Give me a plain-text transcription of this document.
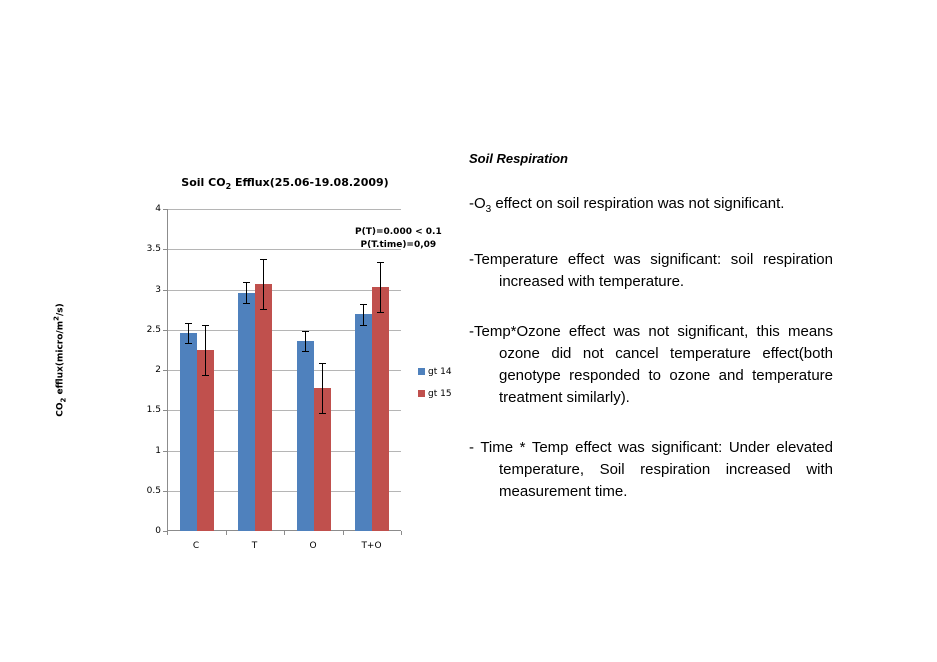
Soil $CO_2$ Efflux(25.06-19.08.2009)
$CO_2$ $efflux(micro/m^2/s)$
0
0.5
1
1.5
2
2.5
3
3.5
4
C	T	O	T+O
P(T)=0.000 < 0.1
P(T.time)=0,09
gt 14
gt 15
Soil Respiration
$-O_3$ effect on soil respiration was not significant.
-Temperature effect was significant: soil respiration increased with temperature.
-Temp*Ozone effect was not significant, this means ozone did not cancel temperature effect(both genotype responded to ozone and temperature treatment similarly).
- Time * Temp effect was significant: Under elevated temperature, Soil respiration increased with measurement time.
